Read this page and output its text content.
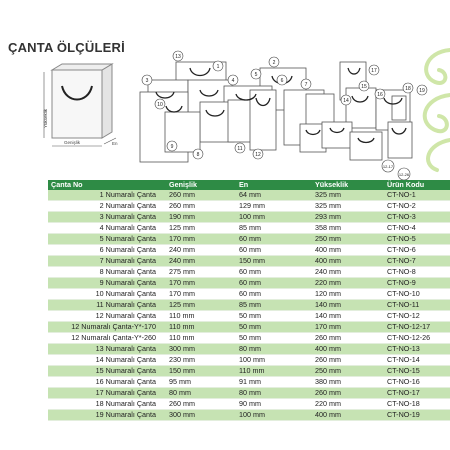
ÇANTA ÖLÇÜLERİ
Yükseklik
Genişlik	En
13
1
2
3	4
5
6
7
8
9
10
11
12
14
15
16
17
18 19
12-17
12-26
Çanta No	Genişlik	En	Yükseklik	Ürün Kodu
1 Numaralı Çanta	260 mm	64 mm	325 mm	CT-NO-1
2 Numaralı Çanta	260 mm	129 mm	325 mm	CT-NO-2
3 Numaralı Çanta	190 mm	100 mm	293 mm	CT-NO-3
4 Numaralı Çanta	125 mm	85 mm	358 mm	CT-NO-4
5 Numaralı Çanta	170 mm	60 mm	250 mm	CT-NO-5
6 Numaralı Çanta	240 mm	60 mm	400 mm	CT-NO-6
7 Numaralı Çanta	240 mm	150 mm	400 mm	CT-NO-7
8 Numaralı Çanta	275 mm	60 mm	240 mm	CT-NO-8
9 Numaralı Çanta	170 mm	60 mm	220 mm	CT-NO-9
10 Numaralı Çanta	170 mm	60 mm	120 mm	CT-NO-10
11 Numaralı Çanta	125 mm	85 mm	140 mm	CT-NO-11
12 Numaralı Çanta	110 mm	50 mm	140 mm	CT-NO-12
12 Numaralı Çanta-Y*-170	110 mm	50 mm	170 mm	CT-NO-12-17
12 Numaralı Çanta-Y*-260	110 mm	50 mm	260 mm	CT-NO-12-26
13 Numaralı Çanta	300 mm	80 mm	400 mm	CT-NO-13
14 Numaralı Çanta	230 mm	100 mm	260 mm	CT-NO-14
15 Numaralı Çanta	150 mm	110 mm	250 mm	CT-NO-15
16 Numaralı Çanta	95 mm	91 mm	380 mm	CT-NO-16
17 Numaralı Çanta	80 mm	80 mm	260 mm	CT-NO-17
18 Numaralı Çanta	260 mm	90 mm	220 mm	CT-NO-18
19 Numaralı Çanta	300 mm	100 mm	400 mm	CT-NO-19
